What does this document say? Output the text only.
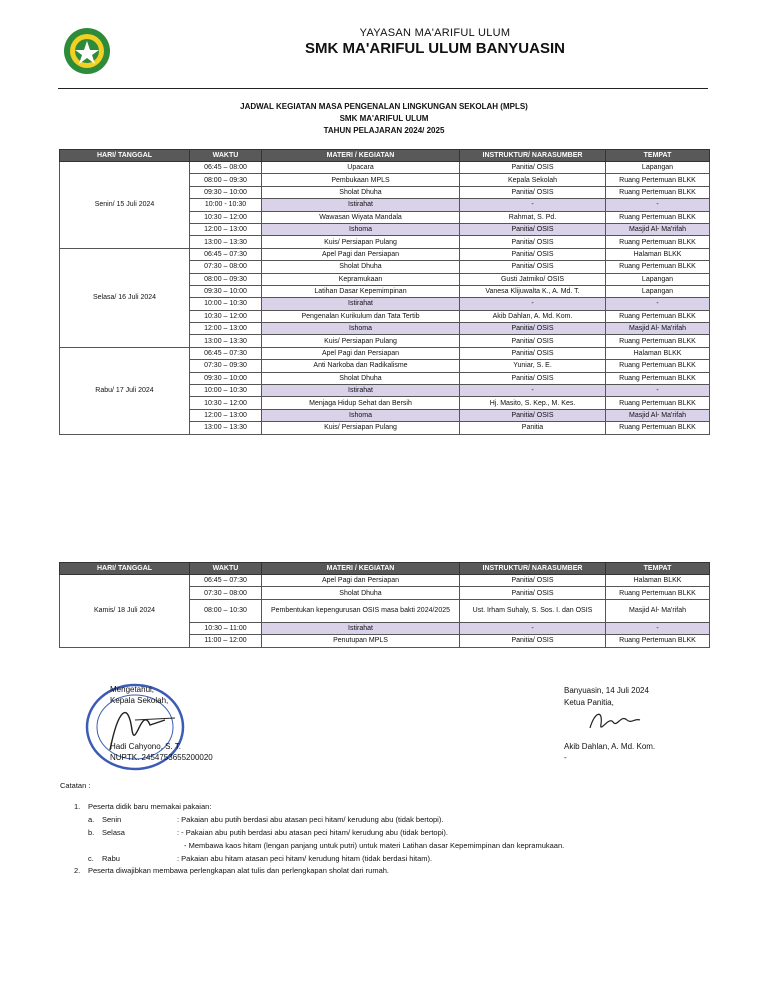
YAYASAN MA'ARIFUL ULUM
SMK MA'ARIFUL ULUM BANYUASIN
JADWAL KEGIATAN MASA PENGENALAN LINGKUNGAN SEKOLAH (MPLS)
SMK MA'ARIFUL ULUM
TAHUN PELAJARAN 2024/ 2025
HARI/ TANGGAL	WAKTU	MATERI / KEGIATAN	INSTRUKTUR/ NARASUMBER	TEMPAT
Senin/ 15 Juli 2024	06:45 – 08:00	Upacara	Panitia/ OSIS	Lapangan
	08:00 – 09:30	Pembukaan MPLS	Kepala Sekolah	Ruang Pertemuan BLKK
	09:30 – 10:00	Sholat Dhuha	Panitia/ OSIS	Ruang Pertemuan BLKK
	10:00 - 10:30	Istirahat	-	-
	10:30 – 12:00	Wawasan Wiyata Mandala	Rahmat, S. Pd.	Ruang Pertemuan BLKK
	12:00 – 13:00	Ishoma	Panitia/ OSIS	Masjid Al- Ma'rifah
	13:00 – 13:30	Kuis/ Persiapan Pulang	Panitia/ OSIS	Ruang Pertemuan BLKK
Selasa/ 16 Juli 2024	06:45 – 07:30	Apel Pagi dan Persiapan	Panitia/ OSIS	Halaman BLKK
	07:30 – 08:00	Sholat Dhuha	Panitia/ OSIS	Ruang Pertemuan BLKK
	08:00 – 09:30	Kepramukaan	Gusti Jatmiko/ OSIS	Lapangan
	09:30 – 10:00	Latihan Dasar Kepemimpinan	Vanesa Klijuwalta K., A. Md. T.	Lapangan
	10:00 – 10:30	Istirahat	-	-
	10:30 – 12:00	Pengenalan Kurikulum dan Tata Tertib	Akib Dahlan, A. Md. Kom.	Ruang Pertemuan BLKK
	12:00 – 13:00	Ishoma	Panitia/ OSIS	Masjid Al- Ma'rifah
	13:00 – 13:30	Kuis/ Persiapan Pulang	Panitia/ OSIS	Ruang Pertemuan BLKK
Rabu/ 17 Juli 2024	06:45 – 07:30	Apel Pagi dan Persiapan	Panitia/ OSIS	Halaman BLKK
	07:30 – 09:30	Anti Narkoba dan Radikalisme	Yuniar, S. E.	Ruang Pertemuan BLKK
	09:30 – 10:00	Sholat Dhuha	Panitia/ OSIS	Ruang Pertemuan BLKK
	10:00 – 10:30	Istirahat	-	-
	10:30 – 12:00	Menjaga Hidup Sehat dan Bersih	Hj. Masito, S. Kep., M. Kes.	Ruang Pertemuan BLKK
	12:00 – 13:00	Ishoma	Panitia/ OSIS	Masjid Al- Ma'rifah
	13:00 – 13:30	Kuis/ Persiapan Pulang	Panitia	Ruang Pertemuan BLKK
HARI/ TANGGAL	WAKTU	MATERI / KEGIATAN	INSTRUKTUR/ NARASUMBER	TEMPAT
Kamis/ 18 Juli 2024	06:45 – 07:30	Apel Pagi dan Persiapan	Panitia/ OSIS	Halaman BLKK
	07:30 – 08:00	Sholat Dhuha	Panitia/ OSIS	Ruang Pertemuan BLKK
	08:00 – 10:30	Pembentukan kepengurusan OSIS masa bakti 2024/2025	Ust. Irham Suhaly, S. Sos. I. dan OSIS	Masjid Al- Ma'rifah
	10:30 – 11:00	Istirahat	-	-
	11:00 – 12:00	Penutupan MPLS	Panitia/ OSIS	Ruang Pertemuan BLKK
Mengetahui,
Kepala Sekolah,
Hadi Cahyono, S. T.
NUPTK. 2454753655200020
Banyuasin, 14 Juli 2024
Ketua Panitia,
Akib Dahlan, A. Md. Kom.
-
Catatan :
1. Peserta didik baru memakai pakaian:
a. Senin	: Pakaian abu putih berdasi abu atasan peci hitam/ kerudung abu (tidak bertopi).
b. Selasa	: - Pakaian abu putih berdasi abu atasan peci hitam/ kerudung abu (tidak bertopi).
- Membawa kaos hitam (lengan panjang untuk putri) untuk materi Latihan dasar Kepemimpinan dan kepramukaan.
c. Rabu	: Pakaian abu hitam atasan peci hitam/ kerudung hitam (tidak berdasi hitam).
2. Peserta diwajibkan membawa perlengkapan alat tulis dan perlengkapan sholat dari rumah.
